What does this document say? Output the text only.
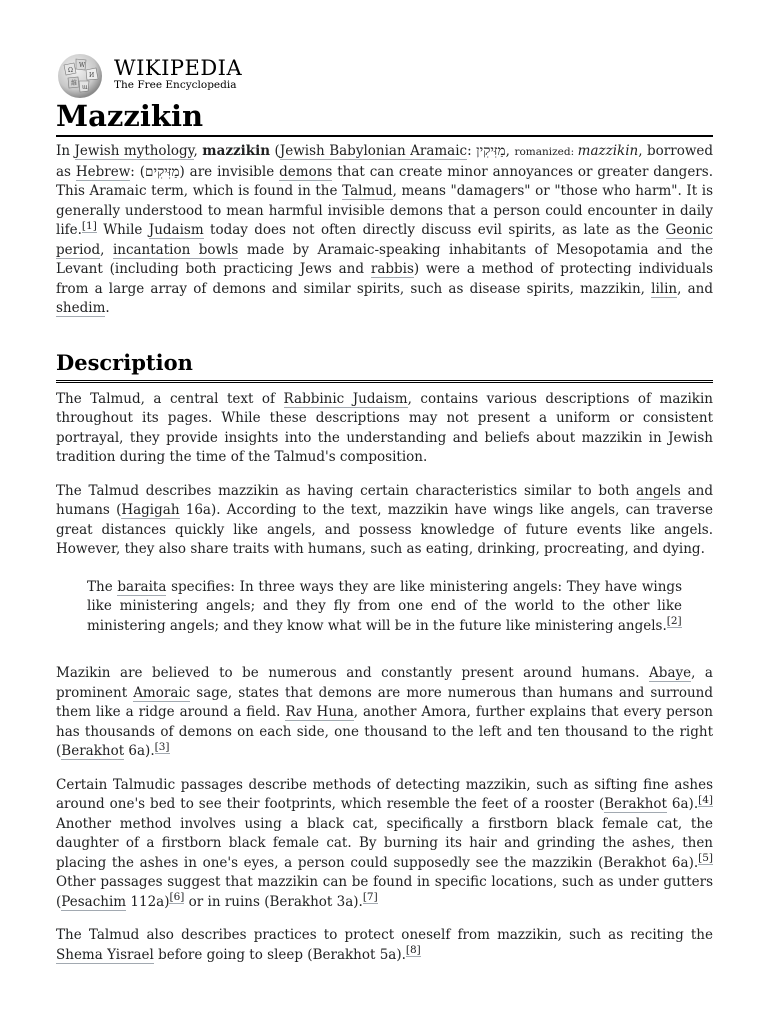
Ω
W
И
維
ա
WIKIPEDIA
The Free Encyclopedia
Mazzikin

In Jewish mythology, mazzikin (Jewish Babylonian Aramaic: מַזִּיקִין, romanized: mazzikin, borrowed as Hebrew: (מַזִּיקִים) are invisible demons that can create minor annoyances or greater dangers. This Aramaic term, which is found in the Talmud, means "damagers" or "those who harm". It is generally understood to mean harmful invisible demons that a person could encounter in daily life.[1] While Judaism today does not often directly discuss evil spirits, as late as the Geonic period, incantation bowls made by Aramaic-speaking inhabitants of Mesopotamia and the Levant (including both practicing Jews and rabbis) were a method of protecting individuals from a large array of demons and similar spirits, such as disease spirits, mazzikin, lilin, and shedim.

Description

The Talmud, a central text of Rabbinic Judaism, contains various descriptions of mazikin throughout its pages. While these descriptions may not present a uniform or consistent portrayal, they provide insights into the understanding and beliefs about mazzikin in Jewish tradition during the time of the Talmud's composition.

The Talmud describes mazzikin as having certain characteristics similar to both angels and humans (Hagigah 16a). According to the text, mazzikin have wings like angels, can traverse great distances quickly like angels, and possess knowledge of future events like angels. However, they also share traits with humans, such as eating, drinking, procreating, and dying.

The baraita specifies: In three ways they are like ministering angels: They have wings like ministering angels; and they fly from one end of the world to the other like ministering angels; and they know what will be in the future like ministering angels.[2]

Mazikin are believed to be numerous and constantly present around humans. Abaye, a prominent Amoraic sage, states that demons are more numerous than humans and surround them like a ridge around a field. Rav Huna, another Amora, further explains that every person has thousands of demons on each side, one thousand to the left and ten thousand to the right (Berakhot 6a).[3]

Certain Talmudic passages describe methods of detecting mazzikin, such as sifting fine ashes around one's bed to see their footprints, which resemble the feet of a rooster (Berakhot 6a).[4] Another method involves using a black cat, specifically a firstborn black female cat, the daughter of a firstborn black female cat. By burning its hair and grinding the ashes, then placing the ashes in one's eyes, a person could supposedly see the mazzikin (Berakhot 6a).[5] Other passages suggest that mazzikin can be found in specific locations, such as under gutters (Pesachim 112a)[6] or in ruins (Berakhot 3a).[7]

The Talmud also describes practices to protect oneself from mazzikin, such as reciting the Shema Yisrael before going to sleep (Berakhot 5a).[8]
